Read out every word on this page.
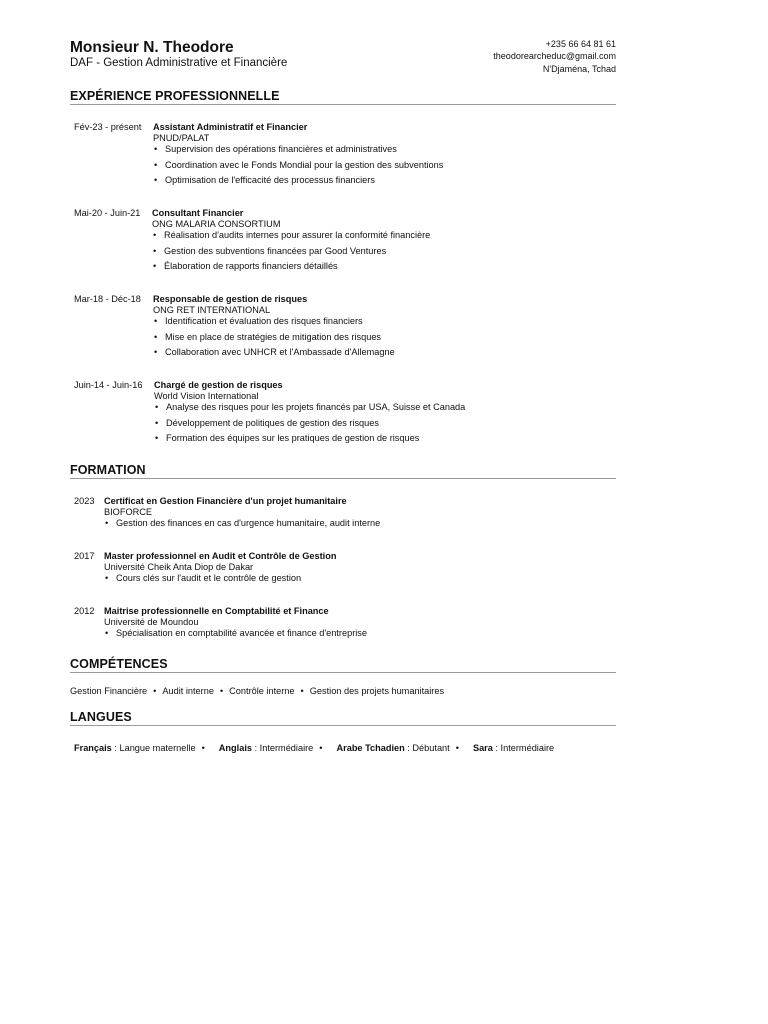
Monsieur N. Theodore
DAF - Gestion Administrative et Financière
+235 66 64 81 61
theodorearcheduc@gmail.com
N'Djaména, Tchad
EXPÉRIENCE PROFESSIONNELLE
Fév-23 - présent Assistant Administratif et Financier
PNUD/PALAT
• Supervision des opérations financières et administratives
• Coordination avec le Fonds Mondial pour la gestion des subventions
• Optimisation de l'efficacité des processus financiers
Mai-20 - Juin-21 Consultant Financier
ONG MALARIA CONSORTIUM
• Réalisation d'audits internes pour assurer la conformité financière
• Gestion des subventions financées par Good Ventures
• Élaboration de rapports financiers détaillés
Mar-18 - Déc-18 Responsable de gestion de risques
ONG RET INTERNATIONAL
• Identification et évaluation des risques financiers
• Mise en place de stratégies de mitigation des risques
• Collaboration avec UNHCR et l'Ambassade d'Allemagne
Juin-14 - Juin-16 Chargé de gestion de risques
World Vision International
• Analyse des risques pour les projets financés par USA, Suisse et Canada
• Développement de politiques de gestion des risques
• Formation des équipes sur les pratiques de gestion de risques
FORMATION
2023 Certificat en Gestion Financière d'un projet humanitaire
BIOFORCE
• Gestion des finances en cas d'urgence humanitaire, audit interne
2017 Master professionnel en Audit et Contrôle de Gestion
Université Cheik Anta Diop de Dakar
• Cours clés sur l'audit et le contrôle de gestion
2012 Maitrise professionnelle en Comptabilité et Finance
Université de Moundou
• Spécialisation en comptabilité avancée et finance d'entreprise
COMPÉTENCES
Gestion Financière • Audit interne • Contrôle interne • Gestion des projets humanitaires
LANGUES
Français : Langue maternelle • Anglais : Intermédiaire • Arabe Tchadien : Débutant • Sara : Intermédiaire
